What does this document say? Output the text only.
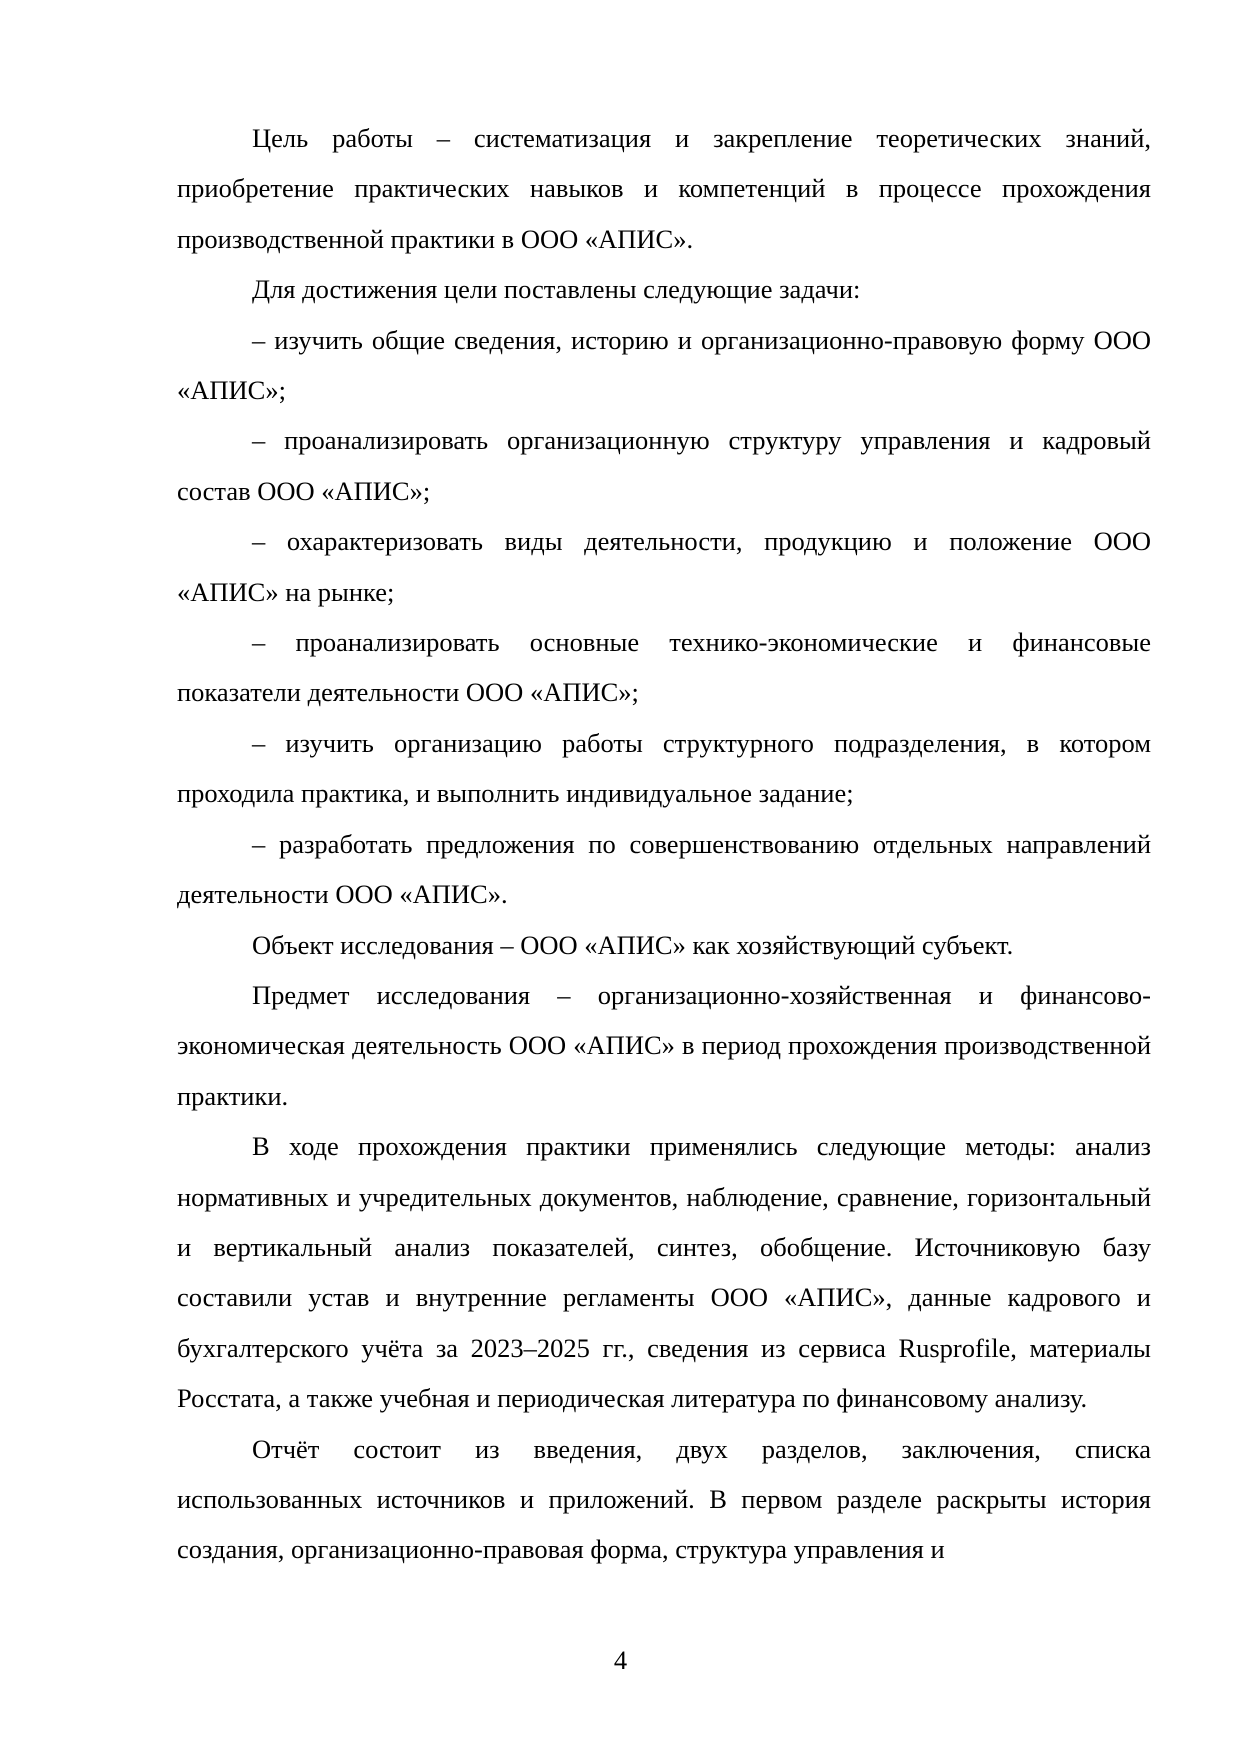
Цель работы – систематизация и закрепление теоретических знаний, приобретение практических навыков и компетенций в процессе прохождения производственной практики в ООО «АПИС».

Для достижения цели поставлены следующие задачи:

– изучить общие сведения, историю и организационно-правовую форму ООО «АПИС»;

– проанализировать организационную структуру управления и кадровый состав ООО «АПИС»;

– охарактеризовать виды деятельности, продукцию и положение ООО «АПИС» на рынке;

– проанализировать основные технико-экономические и финансовые показатели деятельности ООО «АПИС»;

– изучить организацию работы структурного подразделения, в котором проходила практика, и выполнить индивидуальное задание;

– разработать предложения по совершенствованию отдельных направлений деятельности ООО «АПИС».

Объект исследования – ООО «АПИС» как хозяйствующий субъект.

Предмет исследования – организационно-хозяйственная и финансово-экономическая деятельность ООО «АПИС» в период прохождения производственной практики.

В ходе прохождения практики применялись следующие методы: анализ нормативных и учредительных документов, наблюдение, сравнение, горизонтальный и вертикальный анализ показателей, синтез, обобщение. Источниковую базу составили устав и внутренние регламенты ООО «АПИС», данные кадрового и бухгалтерского учёта за 2023–2025 гг., сведения из сервиса Rusprofile, материалы Росстата, а также учебная и периодическая литература по финансовому анализу.

Отчёт состоит из введения, двух разделов, заключения, списка использованных источников и приложений. В первом разделе раскрыты история создания, организационно-правовая форма, структура управления и

4
